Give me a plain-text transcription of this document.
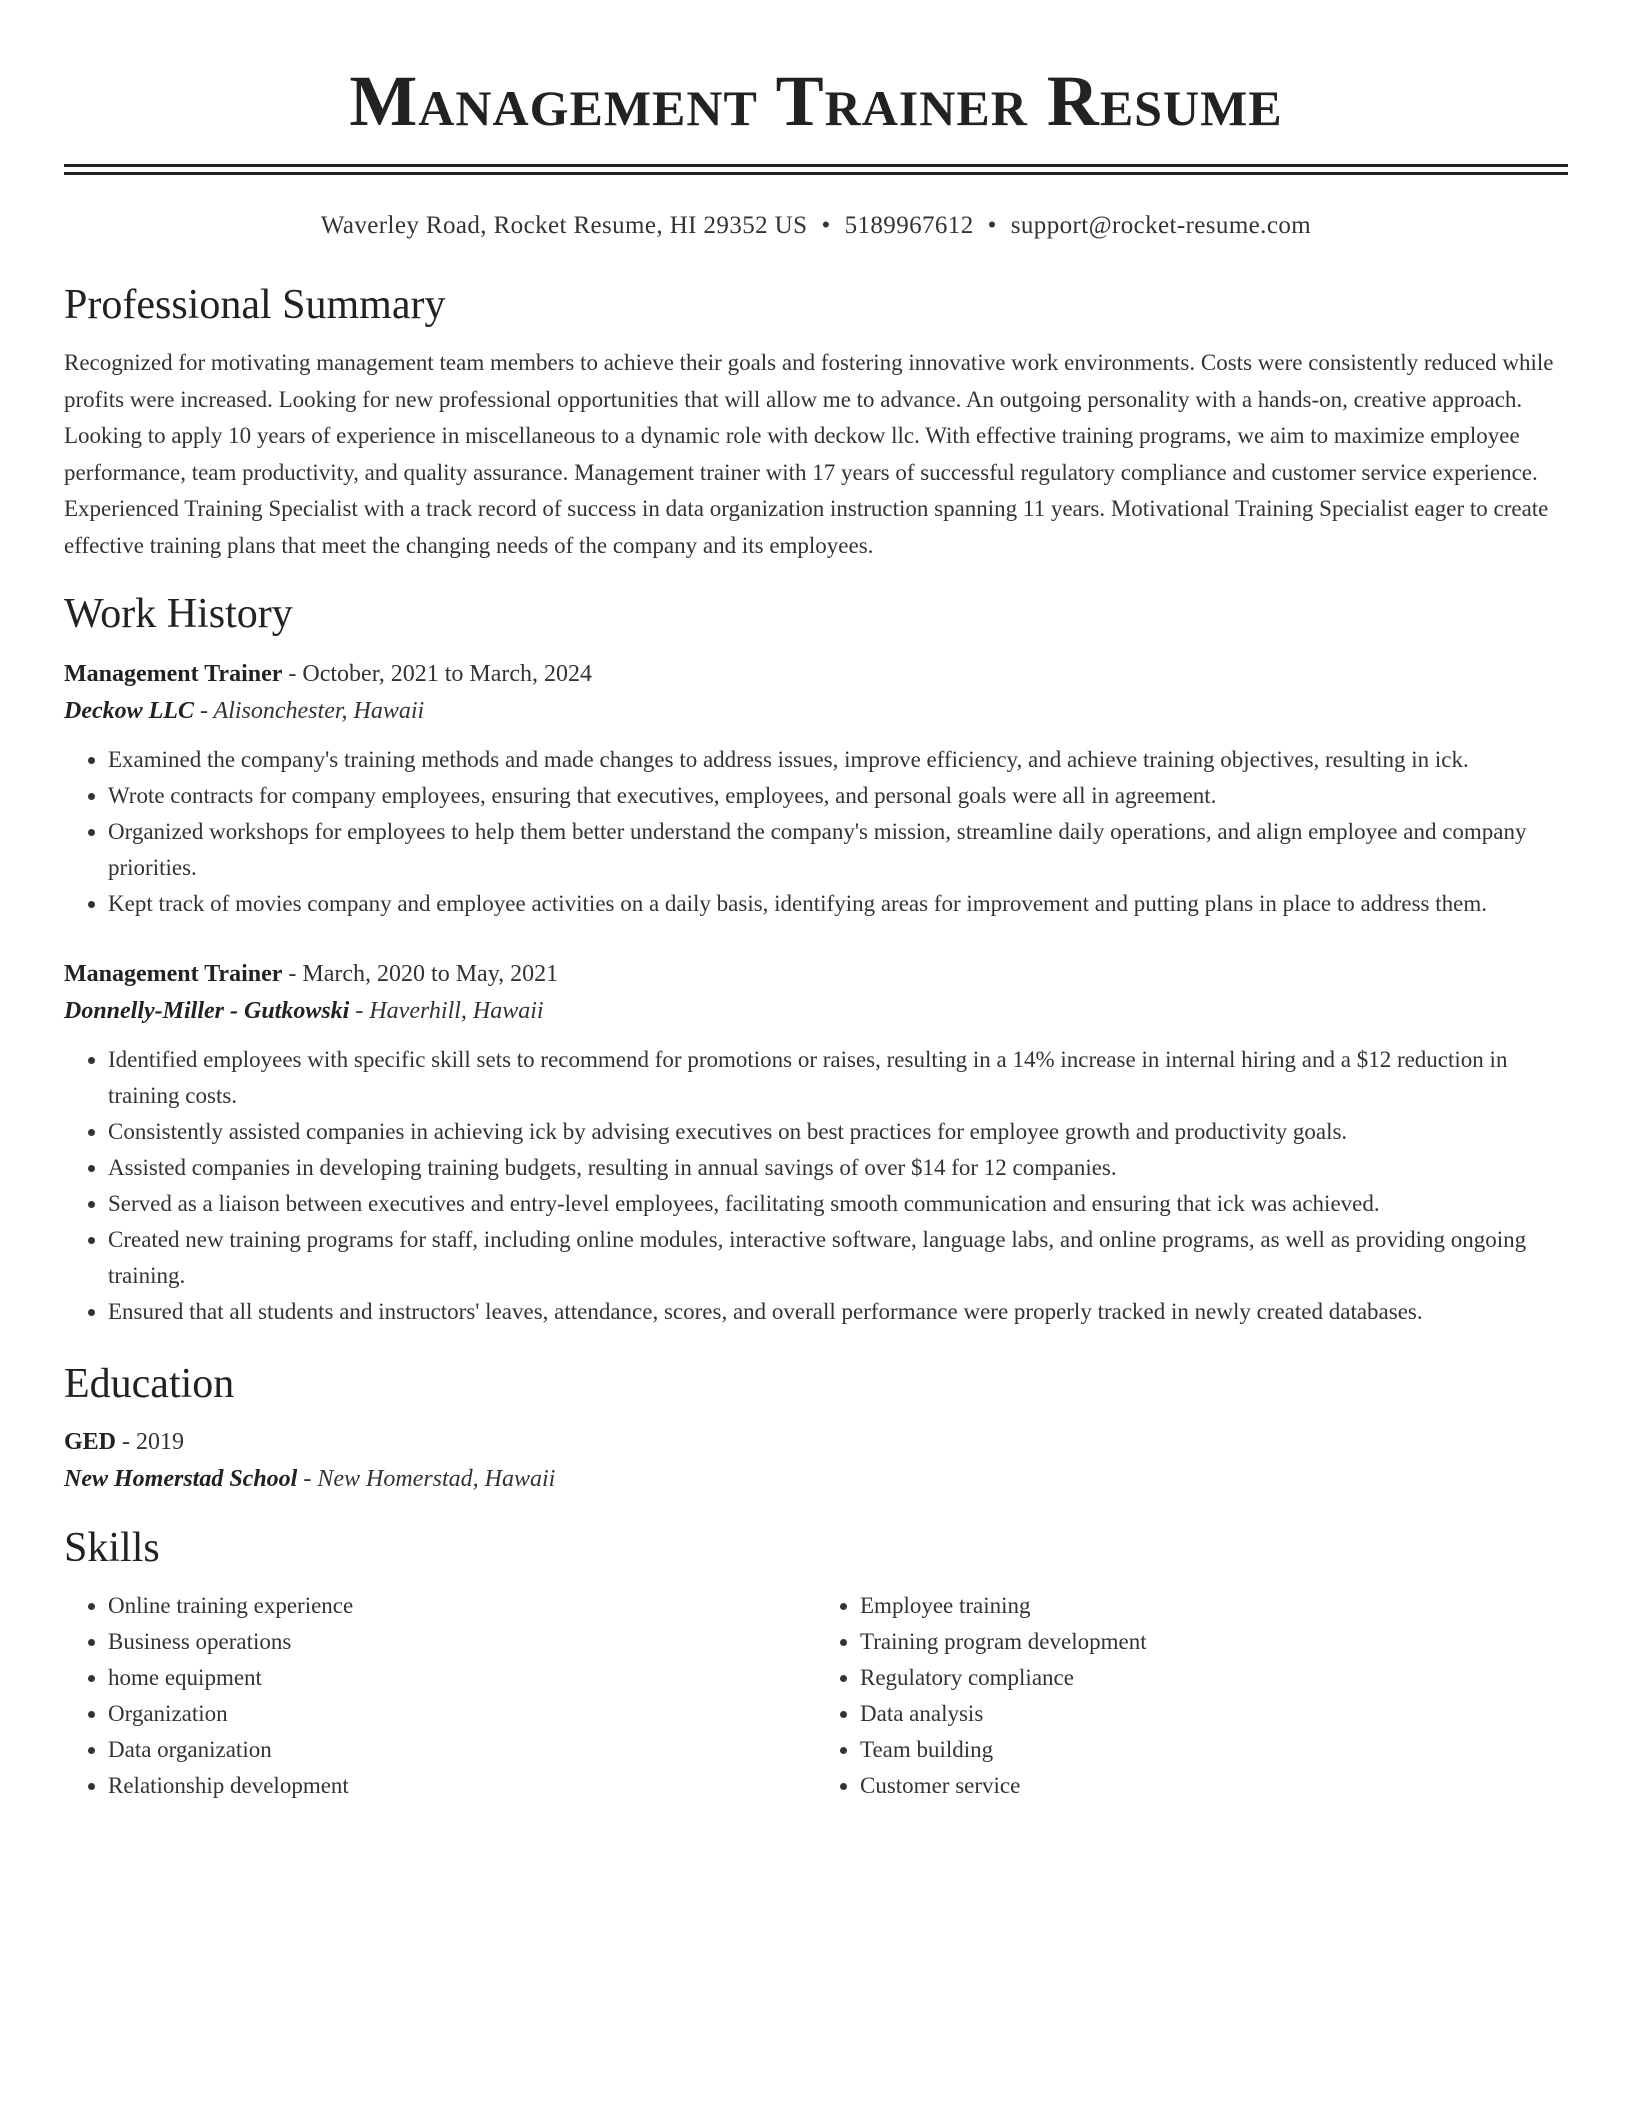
Management Trainer Resume
Waverley Road, Rocket Resume, HI 29352 US • 5189967612 • support@rocket-resume.com
Professional Summary
Recognized for motivating management team members to achieve their goals and fostering innovative work environments. Costs were consistently reduced while profits were increased. Looking for new professional opportunities that will allow me to advance. An outgoing personality with a hands-on, creative approach. Looking to apply 10 years of experience in miscellaneous to a dynamic role with deckow llc. With effective training programs, we aim to maximize employee performance, team productivity, and quality assurance. Management trainer with 17 years of successful regulatory compliance and customer service experience. Experienced Training Specialist with a track record of success in data organization instruction spanning 11 years. Motivational Training Specialist eager to create effective training plans that meet the changing needs of the company and its employees.
Work History
Management Trainer - October, 2021 to March, 2024
Deckow LLC - Alisonchester, Hawaii
• Examined the company's training methods and made changes to address issues, improve efficiency, and achieve training objectives, resulting in ick.
• Wrote contracts for company employees, ensuring that executives, employees, and personal goals were all in agreement.
• Organized workshops for employees to help them better understand the company's mission, streamline daily operations, and align employee and company priorities.
• Kept track of movies company and employee activities on a daily basis, identifying areas for improvement and putting plans in place to address them.
Management Trainer - March, 2020 to May, 2021
Donnelly-Miller - Gutkowski - Haverhill, Hawaii
• Identified employees with specific skill sets to recommend for promotions or raises, resulting in a 14% increase in internal hiring and a $12 reduction in training costs.
• Consistently assisted companies in achieving ick by advising executives on best practices for employee growth and productivity goals.
• Assisted companies in developing training budgets, resulting in annual savings of over $14 for 12 companies.
• Served as a liaison between executives and entry-level employees, facilitating smooth communication and ensuring that ick was achieved.
• Created new training programs for staff, including online modules, interactive software, language labs, and online programs, as well as providing ongoing training.
• Ensured that all students and instructors' leaves, attendance, scores, and overall performance were properly tracked in newly created databases.
Education
GED - 2019
New Homerstad School - New Homerstad, Hawaii
Skills
• Online training experience
• Business operations
• home equipment
• Organization
• Data organization
• Relationship development
• Employee training
• Training program development
• Regulatory compliance
• Data analysis
• Team building
• Customer service
